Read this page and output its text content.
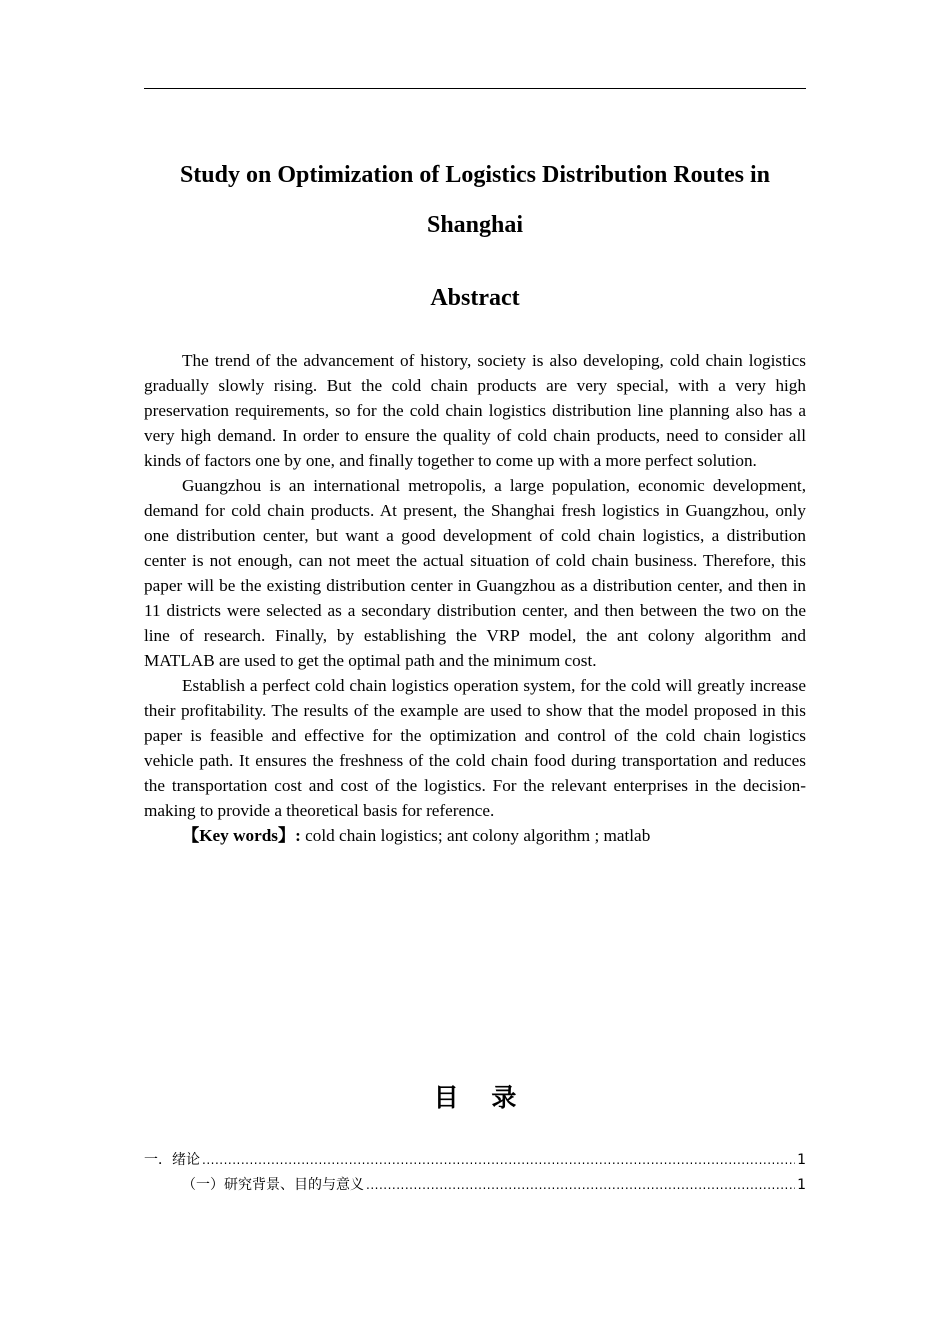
Study on Optimization of Logistics Distribution Routes in Shanghai
Abstract

The trend of the advancement of history, society is also developing, cold chain logistics gradually slowly rising. But the cold chain products are very special, with a very high preservation requirements, so for the cold chain logistics distribution line planning also has a very high demand. In order to ensure the quality of cold chain products, need to consider all kinds of factors one by one, and finally together to come up with a more perfect solution.

Guangzhou is an international metropolis, a large population, economic development, demand for cold chain products. At present, the Shanghai fresh logistics in Guangzhou, only one distribution center, but want a good development of cold chain logistics, a distribution center is not enough, can not meet the actual situation of cold chain business. Therefore, this paper will be the existing distribution center in Guangzhou as a distribution center, and then in 11 districts were selected as a secondary distribution center, and then between the two on the line of research. Finally, by establishing the VRP model, the ant colony algorithm and MATLAB are used to get the optimal path and the minimum cost.

Establish a perfect cold chain logistics operation system, for the cold will greatly increase their profitability. The results of the example are used to show that the model proposed in this paper is feasible and effective for the optimization and control of the cold chain logistics vehicle path. It ensures the freshness of the cold chain food during transportation and reduces the transportation cost and cost of the logistics. For the relevant enterprises in the decision-making to provide a theoretical basis for reference.

【Key words】: cold chain logistics; ant colony algorithm ; matlab

目 录
一． 绪论 .....	1
（一）研究背景、目的与意义 .....	1
